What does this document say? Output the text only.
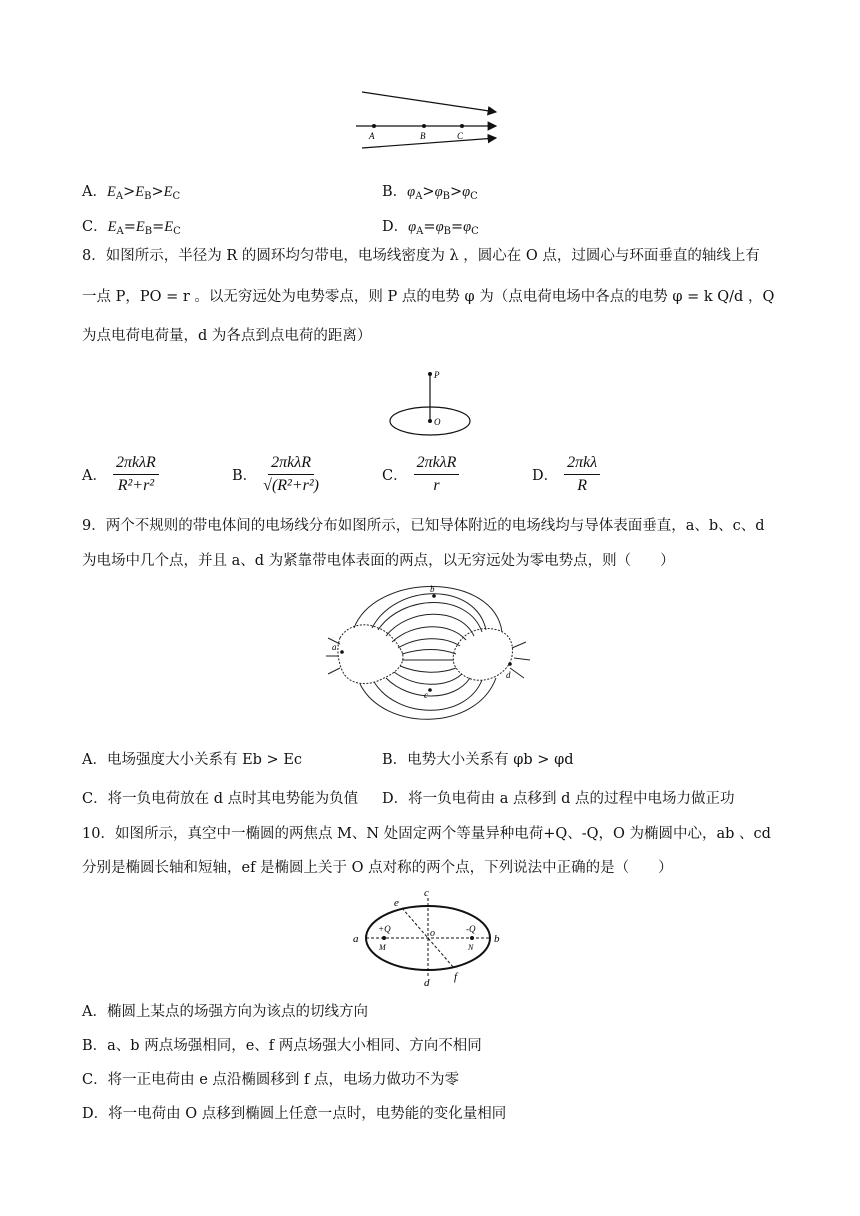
A	B	C
A．$E_A>E_B>E_C$	B．$\varphi_A>\varphi_B>\varphi_C$
C．$E_A=E_B=E_C$	D．$\varphi_A=\varphi_B=\varphi_C$
8．如图所示，半径为 R 的圆环均匀带电，电场线密度为 λ ，圆心在 O 点，过圆心与环面垂直的轴线上有
一点 P，PO = r 。以无穷远处为电势零点，则 P 点的电势 φ 为（点电荷电场中各点的电势 φ = k Q/d ，Q
为点电荷电荷量，d 为各点到点电荷的距离）
P
O
A． $\frac{\text{2πkλR}}{\text{R²+r²}}$	B． $\frac{\text{2πkλR}}{\text{√(R²+r²)}}$	C． $\frac{\text{2πkλR}}{r}$	D． $\frac{\text{2πkλ}}{R}$
9．两个不规则的带电体间的电场线分布如图所示，已知导体附近的电场线均与导体表面垂直，a、b、c、d
为电场中几个点，并且 a、d 为紧靠带电体表面的两点，以无穷远处为零电势点，则（　　）
a
b
c
d
A．电场强度大小关系有 Eb > Ec	B．电势大小关系有 φb > φd
C．将一负电荷放在 d 点时其电势能为负值 D．将一负电荷由 a 点移到 d 点的过程中电场力做正功
10．如图所示，真空中一椭圆的两焦点 M、N 处固定两个等量异种电荷+Q、-Q，O 为椭圆中心，ab 、cd
分别是椭圆长轴和短轴，ef 是椭圆上关于 O 点对称的两个点，下列说法中正确的是（　　）
a	b
c
d
e
f
M	N
o
+Q	-Q
A．椭圆上某点的场强方向为该点的切线方向
B．a、b 两点场强相同，e、f 两点场强大小相同、方向不相同
C．将一正电荷由 e 点沿椭圆移到 f 点，电场力做功不为零
D．将一电荷由 O 点移到椭圆上任意一点时，电势能的变化量相同
